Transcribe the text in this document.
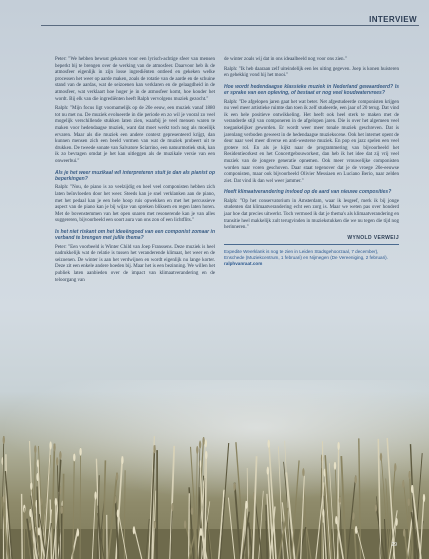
INTERVIEW

Peter: "We hebben bewust gekozen voor een lyrisch-achtige sfeer van mensen beperkt bij te brengen over de werking van de atmosfeer. Daarvoor heb ik de atmosfeer eigenlijk in zijn losse ingrediënten ontleed en gekeken welke processen het weer op aarde maken, zoals de rotatie van de aarde en de schuine stand van de aardas, wat de seizoenen kan verklaren en de gelaagdheid in de atmosfeer, wat verklaart hoe hoger je in de atmosfeer komt, hoe kouder het wordt. Bij elk van die ingrediënten heeft Ralph vervolgens muziek gezocht."

Ralph: "Mijn focus ligt voornamelijk op de 20e eeuw, een muziek vanaf 1880 tot nu met nu. De muziek evolueerde in die periode en zo wil je vooral zo veel mogelijk verschillende stukken laten zien, waarbij je veel mensen waren te maken voor hedendaagse muziek, want dat moet werkt toch nog als moeilijk ervaren. Maar als die muziek een andere context gepresenteerd krijgt, dan kunnen mensen zich een beeld vormen van wat de muziek probeert uit te drukken. De tweede sonate van Salvatore Sciarrino, een natuurmotiek stuk, kan ik zo bevragen omdat je het kan uitleggen als de muzikale versie van een onweerbui."

Als je het weer muzikaal wil interpreteren stuit je dan als pianist op beperkingen?

Ralph: "Nou, de piano is zo veelzijdig en heel veel componisten hebben zich laten beïnvloeden door het weer. Steeds kan je snel verklanken aan de piano, met het pedaal kan je een hele hoop ruis opwekken en met het percussieve aspect van de piano kan je bij wijze van spreken bliksem en regen laten horen. Met de bovenstemmen van het open snaren met resonerende kan je van alles suggereren, bijvoorbeeld een soort aura van ons zon of een lichtflits."

Is het niet riskant om het ideeëngoed van een componist zomaar in verband te brengen met jullie thema?

Peter: "Een voorbeeld is Winter Child van Joep Franssens. Deze muziek is heel nadrukkelijk wat de relatie is tussen het veranderende klimaat, het weer en de seizoenen. De winter is aan het verdwijnen en wordt eigenlijk nu lange korter. Deze zit een enkele andere hoeden bij. Maar het is een bezinning. We willen het publiek laten aanbieden over de impact van klimaatverandering en de teloorgang van

de winter zoals wij dat in ons ideaalbeeld nog voor ons zien."

Ralph: "Ik heb daaraan zelf uiteindelijk een les uiting gegeven. Joep is konen huisteren en gehekkig vond hij het mooi."

Hoe wordt hedendaagse klassieke muziek in Nederland gewaardeerd? Is er sprake van een opleving, of bestaat er nog veel koudwatervrees?

Ralph: "De afgelopen jaren gaat het wat beter. Net afgestudeerde componisten krijgen nu veel meer artistieke ruimte dan toen ik zelf studeerde, een jaar of 20 terug. Dat vind ik een hele positieve ontwikkeling. Het heeft ook heel sterk te maken met de veranderde stijl van componeren in de afgelopen jaren. Die is over het algemeen veel toegankelijker geworden. Er wordt weer meer tonale muziek geschreven. Dat is jarenlang verboden geweest in de hedendaagse muziekscene. Ook het internet opent de deur naar veel meer diverse en anti-westerse muziek. En pop en jazz spelen een veel grotere rol. En als je kijkt naar de programmering van bijvoorbeeld het Residentieorkest en het Concertgebouworkest, dan heb ik het idee dat zij vrij veel muziek van de jongere generatie opnemen. Ook meer vrouwelijke componisten worden naar voren geschoven. Daar staat tegenover dat je de vroege 20e-eeuwse componisten, maar ook bijvoorbeeld Olivier Messiaen en Luciano Berio, naar zelden ziet. Dat vind ik dan wel weer jammer."

Heeft klimaatverandering invloed op de aard van nieuwe composities?

Ralph: "Op het conservatorium in Amsterdam, waar ik lesgeef, merk ik bij jonge studenten dat klimaatverandering echt een zorg is. Maar we weten pas over honderd jaar hoe dat precies uitwerkt. Toch vermoed ik dat je thema's als klimaatverandering en transitie heel makkelijk zult terugvinden in muziekstukken die we nu tegen die tijd nog herinneren."

WYNOLD VERWEIJ
Expedite Weerklank is nog te zien in Leiden Stadsgehoorzaal, 7 december), Enschede (Muziekcentrum, 1 februari) en Nijmegen (De Vereeniging, 2 februari). ralphvanraat.com
29
